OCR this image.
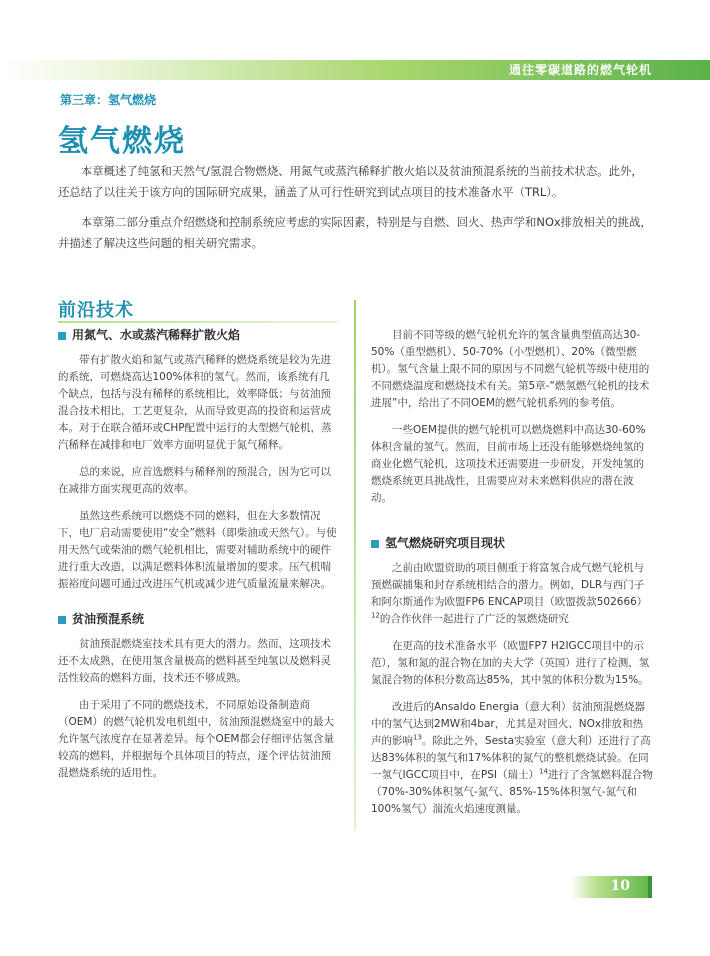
通往零碳道路的燃气轮机
第三章：氢气燃烧
氢气燃烧

本章概述了纯氢和天然气/氢混合物燃烧、用氮气或蒸汽稀释扩散火焰以及贫油预混系统的当前技术状态。此外，还总结了以往关于该方向的国际研究成果，涵盖了从可行性研究到试点项目的技术准备水平（TRL）。

本章第二部分重点介绍燃烧和控制系统应考虑的实际因素，特别是与自燃、回火、热声学和NOx排放相关的挑战，并描述了解决这些问题的相关研究需求。

前沿技术
用氮气、水或蒸汽稀释扩散火焰

带有扩散火焰和氮气或蒸汽稀释的燃烧系统是较为先进的系统，可燃烧高达100%体积的氢气。然而，该系统有几个缺点，包括与没有稀释的系统相比，效率降低；与贫油预混合技术相比，工艺更复杂，从而导致更高的投资和运营成本。对于在联合循环或CHP配置中运行的大型燃气轮机，蒸汽稀释在减排和电厂效率方面明显优于氮气稀释。

总的来说，应首选燃料与稀释剂的预混合，因为它可以在减排方面实现更高的效率。

虽然这些系统可以燃烧不同的燃料，但在大多数情况下，电厂启动需要使用“安全”燃料（即柴油或天然气）。与使用天然气或柴油的燃气轮机相比，需要对辅助系统中的硬件进行重大改造，以满足燃料体积流量增加的要求。压气机喘振裕度问题可通过改进压气机或减少进气质量流量来解决。

贫油预混系统

贫油预混燃烧室技术具有更大的潜力。然而，这项技术还不太成熟，在使用氢含量极高的燃料甚至纯氢以及燃料灵活性较高的燃料方面，技术还不够成熟。

由于采用了不同的燃烧技术，不同原始设备制造商（OEM）的燃气轮机发电机组中，贫油预混燃烧室中的最大允许氢气浓度存在显著差异。每个OEM都会仔细评估氢含量较高的燃料，并根据每个具体项目的特点，逐个评估贫油预混燃烧系统的适用性。

目前不同等级的燃气轮机允许的氢含量典型值高达30-50%（重型燃机）、50-70%（小型燃机）、20%（微型燃机）。氢气含量上限不同的原因与不同燃气轮机等级中使用的不同燃烧温度和燃烧技术有关。第5章-“燃氢燃气轮机的技术进展”中，给出了不同OEM的燃气轮机系列的参考值。

一些OEM提供的燃气轮机可以燃烧燃料中高达30-60%体积含量的氢气。然而，目前市场上还没有能够燃烧纯氢的商业化燃气轮机，这项技术还需要进一步研发，开发纯氢的燃烧系统更具挑战性，且需要应对未来燃料供应的潜在波动。

氢气燃烧研究项目现状

之前由欧盟资助的项目侧重于将富氢合成气燃气轮机与预燃碳捕集和封存系统相结合的潜力。例如，DLR与西门子和阿尔斯通作为欧盟FP6 ENCAP项目（欧盟拨款502666）$^{12}$的合作伙伴一起进行了广泛的氢燃烧研究

在更高的技术准备水平（欧盟FP7 H2IGCC项目中的示范），氢和氮的混合物在加的夫大学（英国）进行了检测，氢氮混合物的体积分数高达85%，其中氢的体积分数为15%。

改进后的Ansaldo Energia（意大利）贫油预混燃烧器中的氢气达到2MW和4bar，尤其是对回火、NOx排放和热声的影响$^{13}$。除此之外，Sesta实验室（意大利）还进行了高达83%体积的氢气和17%体积的氮气的整机燃烧试验。在同一氢气IGCC项目中，在PSI（瑞士）$^{14}$进行了含氢燃料混合物（70%-30%体积氢气-氮气、85%-15%体积氢气-氮气和100%氢气）湍流火焰速度测量。

10
